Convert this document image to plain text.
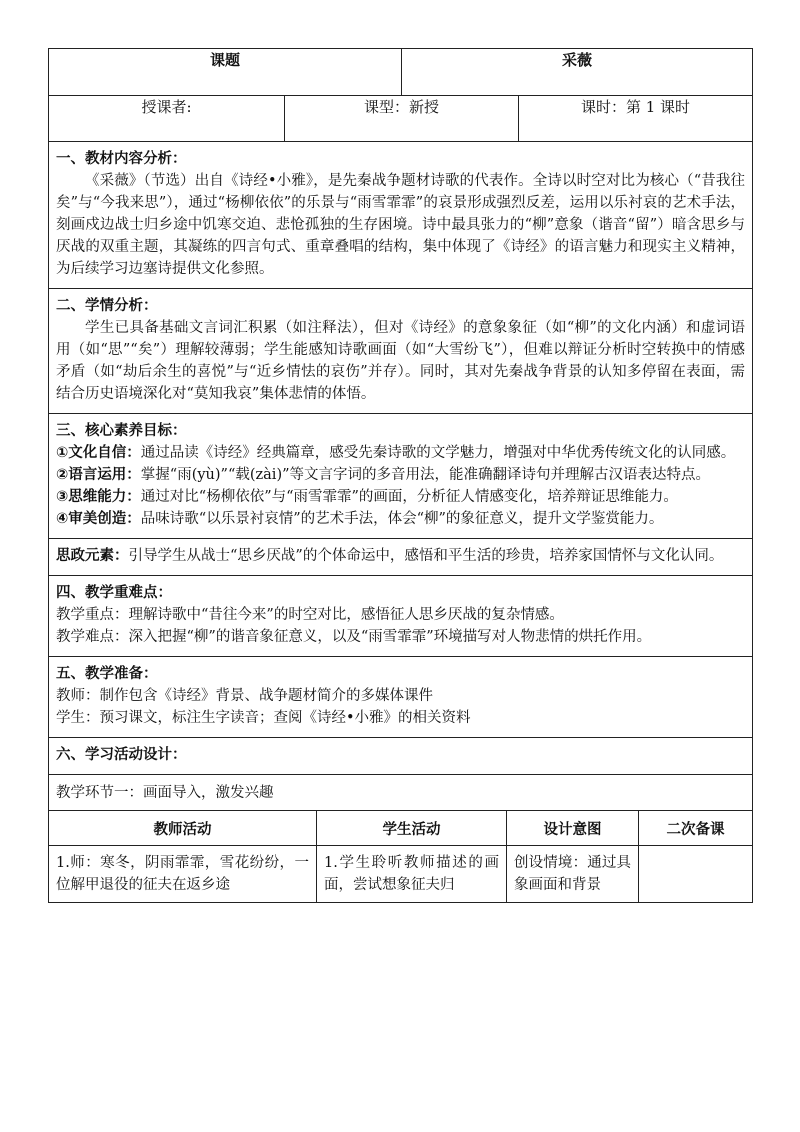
课题		采薇	
授课者:	课型：新授		课时：第 1 课时

一、教材内容分析：
《采薇》（节选）出自《诗经•小雅》，是先秦战争题材诗歌的代表作。全诗以时空对比为核心（“昔我往矣”与“今我来思”），通过“杨柳依依”的乐景与“雨雪霏霏”的哀景形成强烈反差，运用以乐衬哀的艺术手法，刻画戍边战士归乡途中饥寒交迫、悲怆孤独的生存困境。诗中最具张力的“柳”意象（谐音“留”）暗含思乡与厌战的双重主题，其凝练的四言句式、重章叠唱的结构，集中体现了《诗经》的语言魅力和现实主义精神，为后续学习边塞诗提供文化参照。			

二、学情分析：
学生已具备基础文言词汇积累（如注释法），但对《诗经》的意象象征（如“柳”的文化内涵）和虚词语用（如“思”“矣”）理解较薄弱；学生能感知诗歌画面（如“大雪纷飞”），但难以辩证分析时空转换中的情感矛盾（如“劫后余生的喜悦”与“近乡情怯的哀伤”并存）。同时，其对先秦战争背景的认知多停留在表面，需结合历史语境深化对“莫知我哀”集体悲情的体悟。			

三、核心素养目标：
①文化自信：通过品读《诗经》经典篇章，感受先秦诗歌的文学魅力，增强对中华优秀传统文化的认同感。
②语言运用：掌握“雨(yù)”“载(zài)”等文言字词的多音用法，能准确翻译诗句并理解古汉语表达特点。
③思维能力：通过对比“杨柳依依”与“雨雪霏霏”的画面，分析征人情感变化，培养辩证思维能力。
④审美创造：品味诗歌“以乐景衬哀情”的艺术手法，体会“柳”的象征意义，提升文学鉴赏能力。			

思政元素：引导学生从战士“思乡厌战”的个体命运中，感悟和平生活的珍贵，培养家国情怀与文化认同。			

四、教学重难点：
教学重点：理解诗歌中“昔往今来”的时空对比，感悟征人思乡厌战的复杂情感。
教学难点：深入把握“柳”的谐音象征意义，以及“雨雪霏霏”环境描写对人物悲情的烘托作用。			

五、教学准备：
教师：制作包含《诗经》背景、战争题材简介的多媒体课件
学生：预习课文，标注生字读音；查阅《诗经•小雅》的相关资料			

六、学习活动设计：			

教学环节一：画面导入，激发兴趣			
教师活动	学生活动	设计意图	二次备课
1.师：寒冬，阴雨霏霏，雪花纷纷，一位解甲退役的征夫在返乡途	1.学生聆听教师描述的画面，尝试想象征夫归	创设情境：通过具象画面和背景	
